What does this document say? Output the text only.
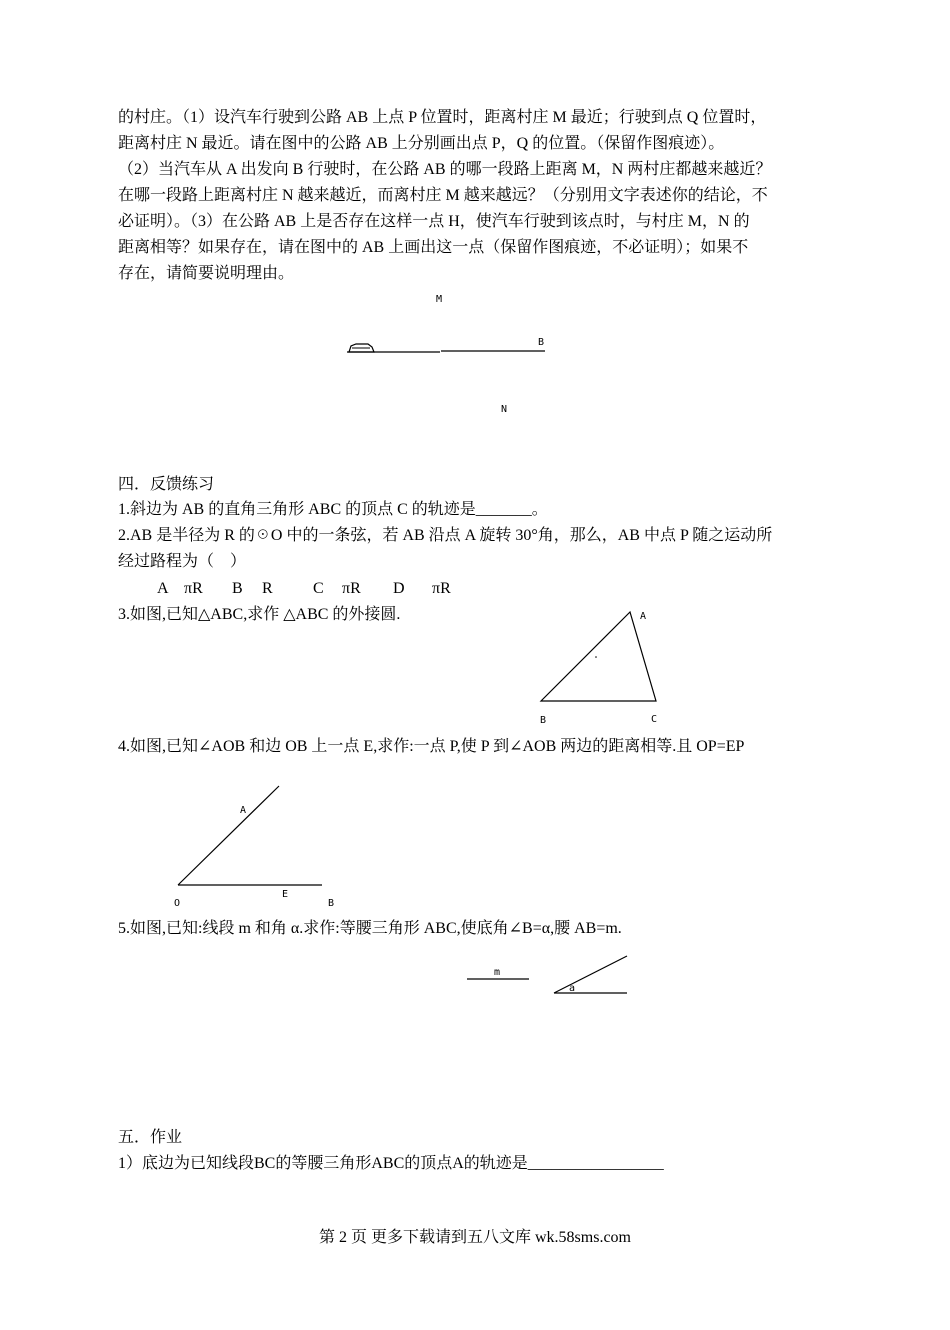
的村庄。（1）设汽车行驶到公路 AB 上点 P 位置时，距离村庄 M 最近；行驶到点 Q 位置时，
距离村庄 N 最近。请在图中的公路 AB 上分别画出点 P，Q 的位置。（保留作图痕迹）。
（2）当汽车从 A 出发向 B 行驶时，在公路 AB 的哪一段路上距离 M，N 两村庄都越来越近？
在哪一段路上距离村庄 N 越来越近，而离村庄 M 越来越远？（分别用文字表述你的结论，不
必证明）。（3）在公路 AB 上是否存在这样一点 H，使汽车行驶到该点时，与村庄 M，N 的
距离相等？如果存在，请在图中的 AB 上画出这一点（保留作图痕迹，不必证明）；如果不
存在，请简要说明理由。
M
B
N
A
B	C
A
O
E
B
m
a
四．反馈练习
1.斜边为 AB 的直角三角形 ABC 的顶点 C 的轨迹是_______。
2.AB 是半径为 R 的☉O 中的一条弦，若 AB 沿点 A 旋转 30°角，那么，AB 中点 P 随之运动所
经过路程为（　）
A πR B R	C πR D πR
3.如图,已知△ABC,求作 △ABC 的外接圆.
4.如图,已知∠AOB 和边 OB 上一点 E,求作:一点 P,使 P 到∠AOB 两边的距离相等.且 OP=EP
5.如图,已知:线段 m 和角 α.求作:等腰三角形 ABC,使底角∠B=α,腰 AB=m.
五．作业
1）底边为已知线段BC的等腰三角形ABC的顶点A的轨迹是_________________
第 2 页 更多下载请到五八文库 wk.58sms.com
